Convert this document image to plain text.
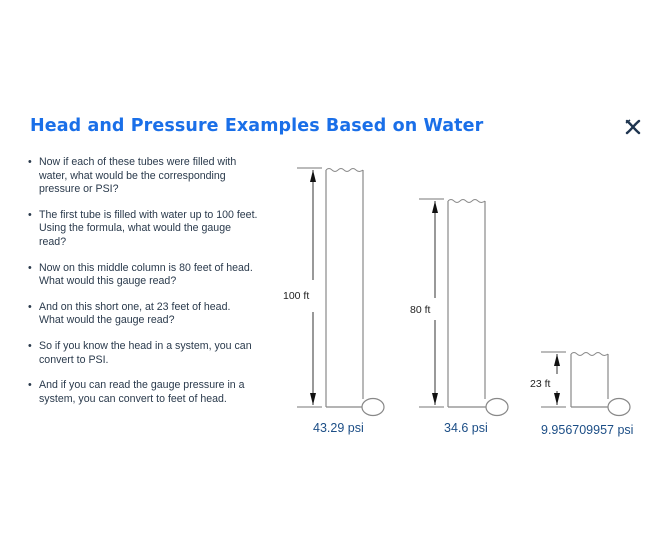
Head and Pressure Examples Based on Water
• Now if each of these tubes were filled with water, what would be the corresponding pressure or PSI?
• The first tube is filled with water up to 100 feet. Using the formula, what would the gauge read?
• Now on this middle column is 80 feet of head. What would this gauge read?
• And on this short one, at 23 feet of head. What would the gauge read?
• So if you know the head in a system, you can convert to PSI.
• And if you can read the gauge pressure in a system, you can convert to feet of head.
100 ft
80 ft
23 ft
43.29 psi	34.6 psi	9.956709957 psi
